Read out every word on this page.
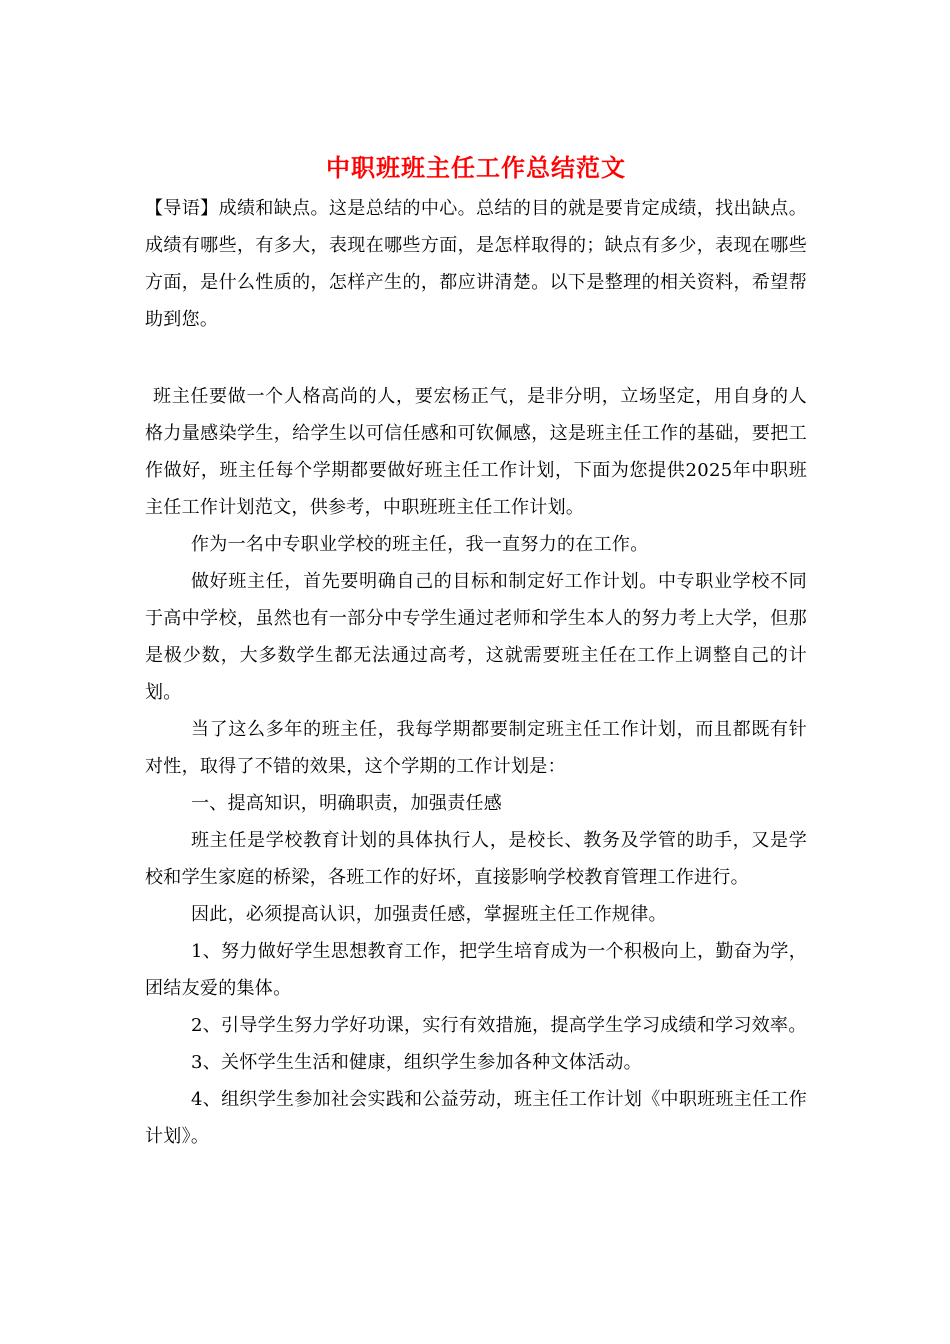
中职班班主任工作总结范文

【导语】成绩和缺点。这是总结的中心。总结的目的就是要肯定成绩，找出缺点。成绩有哪些，有多大，表现在哪些方面，是怎样取得的；缺点有多少，表现在哪些方面，是什么性质的，怎样产生的，都应讲清楚。以下是整理的相关资料，希望帮助到您。

班主任要做一个人格高尚的人，要宏杨正气，是非分明，立场坚定，用自身的人格力量感染学生，给学生以可信任感和可钦佩感，这是班主任工作的基础，要把工作做好，班主任每个学期都要做好班主任工作计划，下面为您提供2025年中职班主任工作计划范文，供参考，中职班班主任工作计划。

作为一名中专职业学校的班主任，我一直努力的在工作。

做好班主任，首先要明确自己的目标和制定好工作计划。中专职业学校不同于高中学校，虽然也有一部分中专学生通过老师和学生本人的努力考上大学，但那是极少数，大多数学生都无法通过高考，这就需要班主任在工作上调整自己的计划。

当了这么多年的班主任，我每学期都要制定班主任工作计划，而且都既有针对性，取得了不错的效果，这个学期的工作计划是：

一、提高知识，明确职责，加强责任感

班主任是学校教育计划的具体执行人，是校长、教务及学管的助手，又是学校和学生家庭的桥梁，各班工作的好坏，直接影响学校教育管理工作进行。

因此，必须提高认识，加强责任感，掌握班主任工作规律。

1、努力做好学生思想教育工作，把学生培育成为一个积极向上，勤奋为学，团结友爱的集体。

2、引导学生努力学好功课，实行有效措施，提高学生学习成绩和学习效率。

3、关怀学生生活和健康，组织学生参加各种文体活动。

4、组织学生参加社会实践和公益劳动，班主任工作计划《中职班班主任工作计划》。
